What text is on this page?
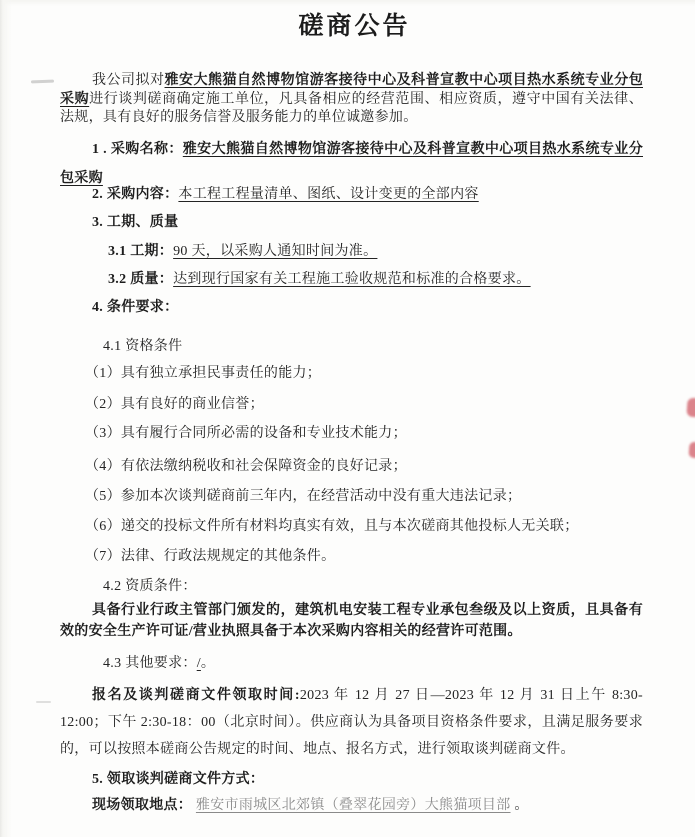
磋商公告

我公司拟对雅安大熊猫自然博物馆游客接待中心及科普宣教中心项目热水系统专业分包采购进行谈判磋商确定施工单位，凡具备相应的经营范围、相应资质，遵守中国有关法律、法规，具有良好的服务信誉及服务能力的单位诚邀参加。

1 . 采购名称：雅安大熊猫自然博物馆游客接待中心及科普宣教中心项目热水系统专业分包采购

2. 采购内容：本工程工程量清单、图纸、设计变更的全部内容

3. 工期、质量

3.1 工期：90 天，以采购人通知时间为准。

3.2 质量：达到现行国家有关工程施工验收规范和标准的合格要求。

4. 条件要求：

4.1 资格条件

（1）具有独立承担民事责任的能力；

（2）具有良好的商业信誉；

（3）具有履行合同所必需的设备和专业技术能力；

（4）有依法缴纳税收和社会保障资金的良好记录；

（5）参加本次谈判磋商前三年内，在经营活动中没有重大违法记录；

（6）递交的投标文件所有材料均真实有效，且与本次磋商其他投标人无关联；

（7）法律、行政法规规定的其他条件。

4.2 资质条件：

具备行业行政主管部门颁发的，建筑机电安装工程专业承包叁级及以上资质，且具备有效的安全生产许可证/营业执照具备于本次采购内容相关的经营许可范围。

4.3 其他要求：/。

报名及谈判磋商文件领取时间:2023 年 12 月 27 日—2023 年 12 月 31 日上午 8:30-12:00；下午 2:30-18：00（北京时间）。供应商认为具备项目资格条件要求，且满足服务要求的，可以按照本磋商公告规定的时间、地点、报名方式，进行领取谈判磋商文件。

5. 领取谈判磋商文件方式：

现场领取地点： 雅安市雨城区北郊镇（叠翠花园旁）大熊猫项目部 。
